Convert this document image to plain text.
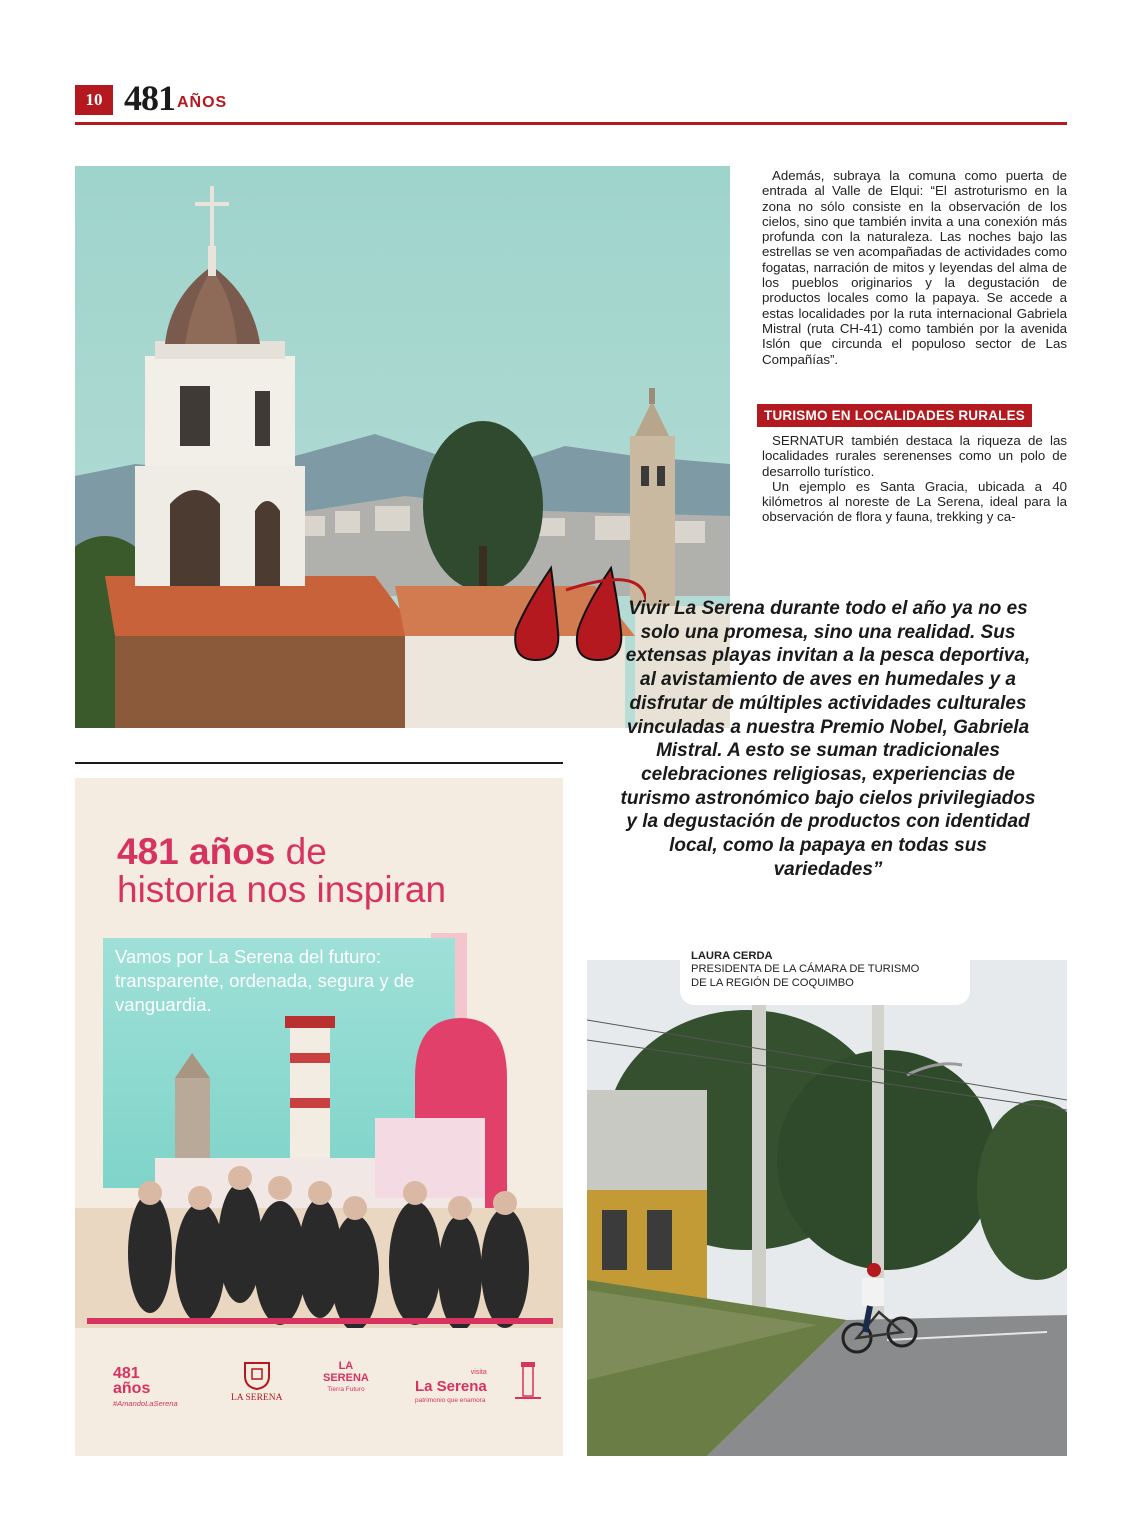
10 481 AÑOS

Además, subraya la comuna como puerta de entrada al Valle de Elqui: “El astroturismo en la zona no sólo consiste en la observación de los cielos, sino que también invita a una conexión más profunda con la naturaleza. Las noches bajo las estrellas se ven acompañadas de actividades como fogatas, narración de mitos y leyendas del alma de los pueblos originarios y la degustación de productos locales como la papaya. Se accede a estas localidades por la ruta internacional Gabriela Mistral (ruta CH-41) como también por la avenida Islón que circunda el populoso sector de Las Compañías”.

TURISMO EN LOCALIDADES RURALES

SERNATUR también destaca la riqueza de las localidades rurales serenenses como un polo de desarrollo turístico.

Un ejemplo es Santa Gracia, ubicada a 40 kilómetros al noreste de La Serena, ideal para la observación de flora y fauna, trekking y ca-

Vivir La Serena durante todo el año ya no es solo una promesa, sino una realidad. Sus extensas playas invitan a la pesca deportiva, al avistamiento de aves en humedales y a disfrutar de múltiples actividades culturales vinculadas a nuestra Premio Nobel, Gabriela Mistral. A esto se suman tradicionales celebraciones religiosas, experiencias de turismo astronómico bajo cielos privilegiados y la degustación de productos con identidad local, como la papaya en todas sus variedades”
481 años de
historia nos inspiran
Vamos por La Serena del futuro: transparente, ordenada, segura y de vanguardia.
481
años
#AmandoLaSerena
LA SERENA
LA
SERENA
Tierra Futuro
visita
La Serena
patrimonio que enamora
LAURA CERDA
PRESIDENTA DE LA CÁMARA DE TURISMO
DE LA REGIÓN DE COQUIMBO
